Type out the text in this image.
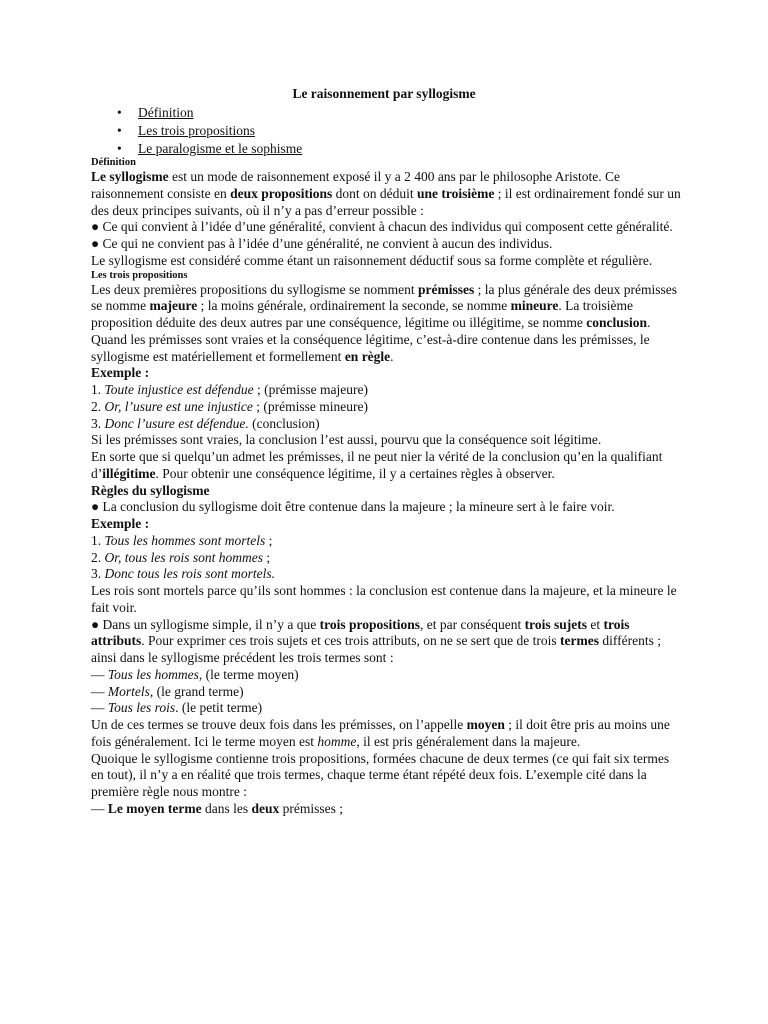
Le raisonnement par syllogisme
• Définition
• Les trois propositions
• Le paralogisme et le sophisme

Définition

Le syllogisme est un mode de raisonnement exposé il y a 2 400 ans par le philosophe Aristote. Ce raisonnement consiste en deux propositions dont on déduit une troisième ; il est ordinairement fondé sur un des deux principes suivants, où il n’y a pas d’erreur possible :

● Ce qui convient à l’idée d’une généralité, convient à chacun des individus qui composent cette généralité.

● Ce qui ne convient pas à l’idée d’une généralité, ne convient à aucun des individus.

Le syllogisme est considéré comme étant un raisonnement déductif sous sa forme complète et régulière.

Les trois propositions

Les deux premières propositions du syllogisme se nomment prémisses ; la plus générale des deux prémisses se nomme majeure ; la moins générale, ordinairement la seconde, se nomme mineure. La troisième proposition déduite des deux autres par une conséquence, légitime ou illégitime, se nomme conclusion.

Quand les prémisses sont vraies et la conséquence légitime, c’est-à-dire contenue dans les prémisses, le syllogisme est matériellement et formellement en règle.

Exemple :

1. Toute injustice est défendue ; (prémisse majeure)

2. Or, l’usure est une injustice ; (prémisse mineure)

3. Donc l’usure est défendue. (conclusion)

Si les prémisses sont vraies, la conclusion l’est aussi, pourvu que la conséquence soit légitime.

En sorte que si quelqu’un admet les prémisses, il ne peut nier la vérité de la conclusion qu’en la qualifiant d’illégitime. Pour obtenir une conséquence légitime, il y a certaines règles à observer.

Règles du syllogisme

● La conclusion du syllogisme doit être contenue dans la majeure ; la mineure sert à le faire voir.

Exemple :

1. Tous les hommes sont mortels ;

2. Or, tous les rois sont hommes ;

3. Donc tous les rois sont mortels.

Les rois sont mortels parce qu’ils sont hommes : la conclusion est contenue dans la majeure, et la mineure le fait voir.

● Dans un syllogisme simple, il n’y a que trois propositions, et par conséquent trois sujets et trois attributs. Pour exprimer ces trois sujets et ces trois attributs, on ne se sert que de trois termes différents ; ainsi dans le syllogisme précédent les trois termes sont :

— Tous les hommes, (le terme moyen)

— Mortels, (le grand terme)

— Tous les rois. (le petit terme)

Un de ces termes se trouve deux fois dans les prémisses, on l’appelle moyen ; il doit être pris au moins une fois généralement. Ici le terme moyen est homme, il est pris généralement dans la majeure.

Quoique le syllogisme contienne trois propositions, formées chacune de deux termes (ce qui fait six termes en tout), il n’y a en réalité que trois termes, chaque terme étant répété deux fois. L’exemple cité dans la première règle nous montre :

— Le moyen terme dans les deux prémisses ;
